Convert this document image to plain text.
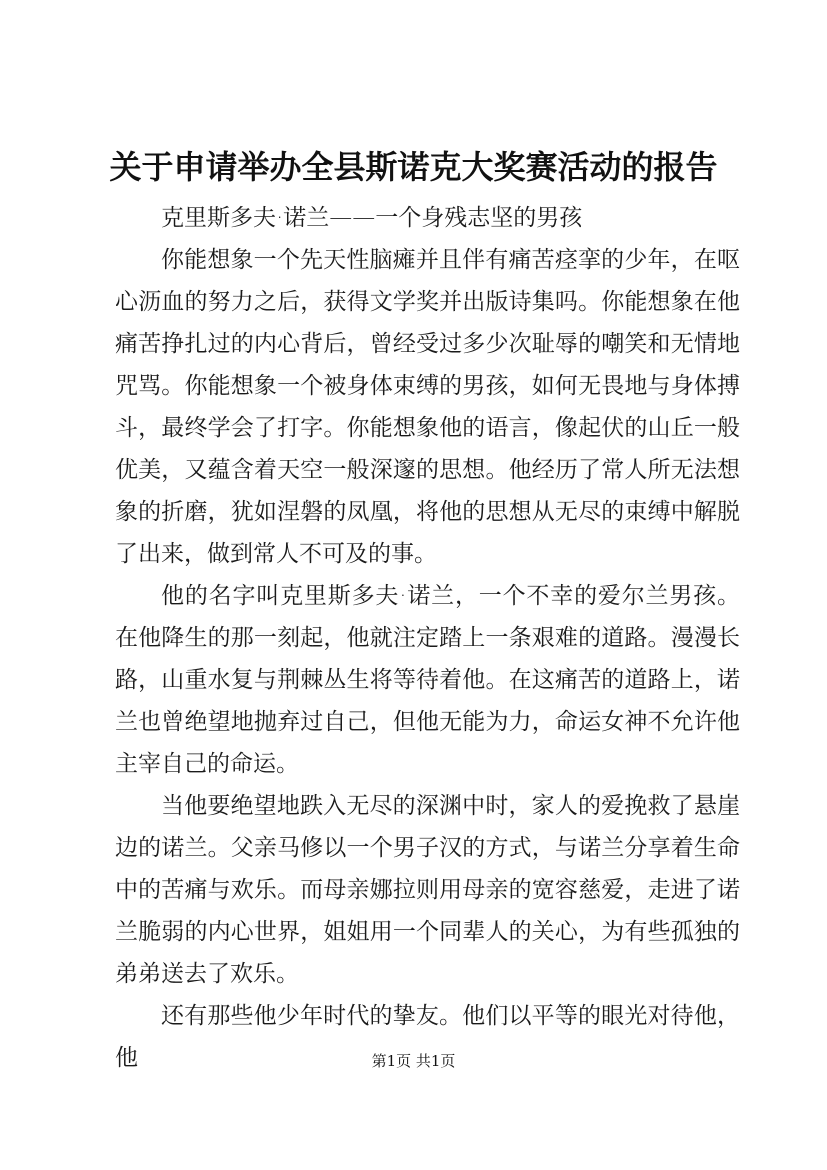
关于申请举办全县斯诺克大奖赛活动的报告

克里斯多夫·诺兰——一个身残志坚的男孩

你能想象一个先天性脑瘫并且伴有痛苦痉挛的少年，在呕心沥血的努力之后，获得文学奖并出版诗集吗。你能想象在他痛苦挣扎过的内心背后，曾经受过多少次耻辱的嘲笑和无情地咒骂。你能想象一个被身体束缚的男孩，如何无畏地与身体搏斗，最终学会了打字。你能想象他的语言，像起伏的山丘一般优美，又蕴含着天空一般深邃的思想。他经历了常人所无法想象的折磨，犹如涅磐的凤凰，将他的思想从无尽的束缚中解脱了出来，做到常人不可及的事。

他的名字叫克里斯多夫·诺兰，一个不幸的爱尔兰男孩。在他降生的那一刻起，他就注定踏上一条艰难的道路。漫漫长路，山重水复与荆棘丛生将等待着他。在这痛苦的道路上，诺兰也曾绝望地抛弃过自己，但他无能为力，命运女神不允许他主宰自己的命运。

当他要绝望地跌入无尽的深渊中时，家人的爱挽救了悬崖边的诺兰。父亲马修以一个男子汉的方式，与诺兰分享着生命中的苦痛与欢乐。而母亲娜拉则用母亲的宽容慈爱，走进了诺兰脆弱的内心世界，姐姐用一个同辈人的关心，为有些孤独的弟弟送去了欢乐。

还有那些他少年时代的挚友。他们以平等的眼光对待他，他	第1页 共1页
